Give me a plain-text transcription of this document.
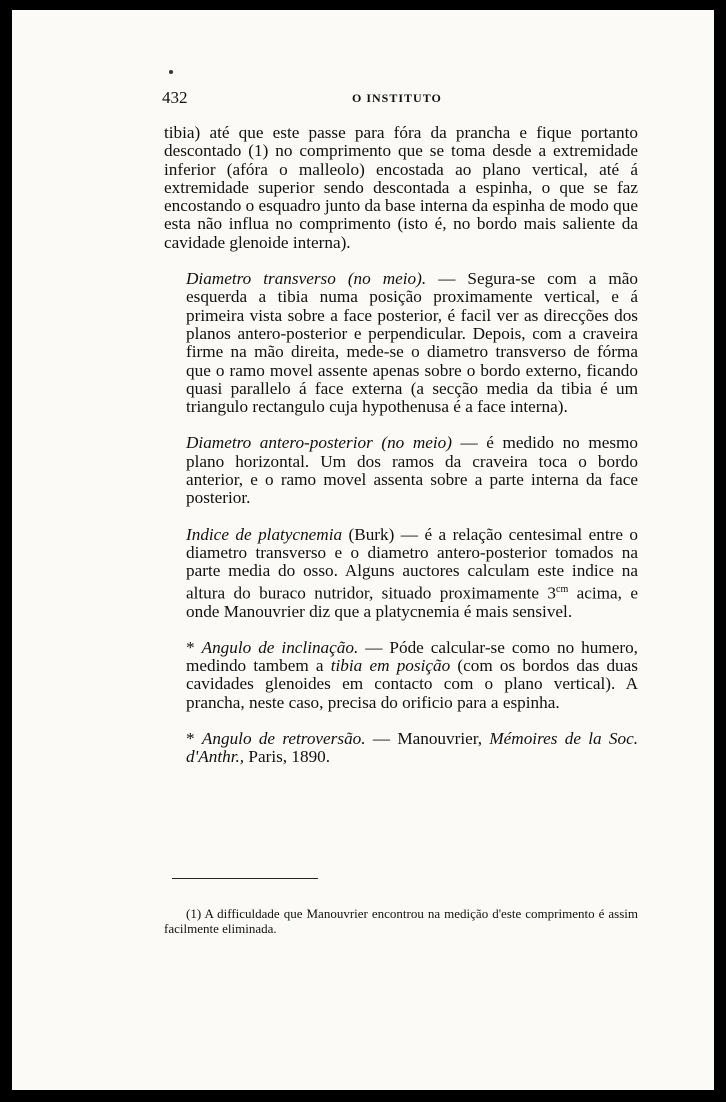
432	O INSTITUTO

tibia) até que este passe para fóra da prancha e fique portanto descontado (1) no comprimento que se toma desde a extremidade inferior (afóra o malleolo) encostada ao plano vertical, até á extremidade superior sendo descontada a espinha, o que se faz encostando o esquadro junto da base interna da espinha de modo que esta não influa no comprimento (isto é, no bordo mais saliente da cavidade glenoide interna).

Diametro transverso (no meio). — Segura-se com a mão esquerda a tibia numa posição proximamente vertical, e á primeira vista sobre a face posterior, é facil ver as direcções dos planos antero-posterior e perpendicular. Depois, com a craveira firme na mão direita, mede-se o diametro transverso de fórma que o ramo movel assente apenas sobre o bordo externo, ficando quasi parallelo á face externa (a secção media da tibia é um triangulo rectangulo cuja hypothenusa é a face interna).

Diametro antero-posterior (no meio) — é medido no mesmo plano horizontal. Um dos ramos da craveira toca o bordo anterior, e o ramo movel assenta sobre a parte interna da face posterior.

Indice de platycnemia (Burk) — é a relação centesimal entre o diametro transverso e o diametro antero-posterior tomados na parte media do osso. Alguns auctores calculam este indice na altura do buraco nutridor, situado proximamente $3^{cm}$ acima, e onde Manouvrier diz que a platycnemia é mais sensivel.

* Angulo de inclinação. — Póde calcular-se como no humero, medindo tambem a tibia em posição (com os bordos das duas cavidades glenoides em contacto com o plano vertical). A prancha, neste caso, precisa do orificio para a espinha.

* Angulo de retroversão. — Manouvrier, Mémoires de la Soc. d'Anthr., Paris, 1890.

(1) A difficuldade que Manouvrier encontrou na medição d'este comprimento é assim facilmente eliminada.
